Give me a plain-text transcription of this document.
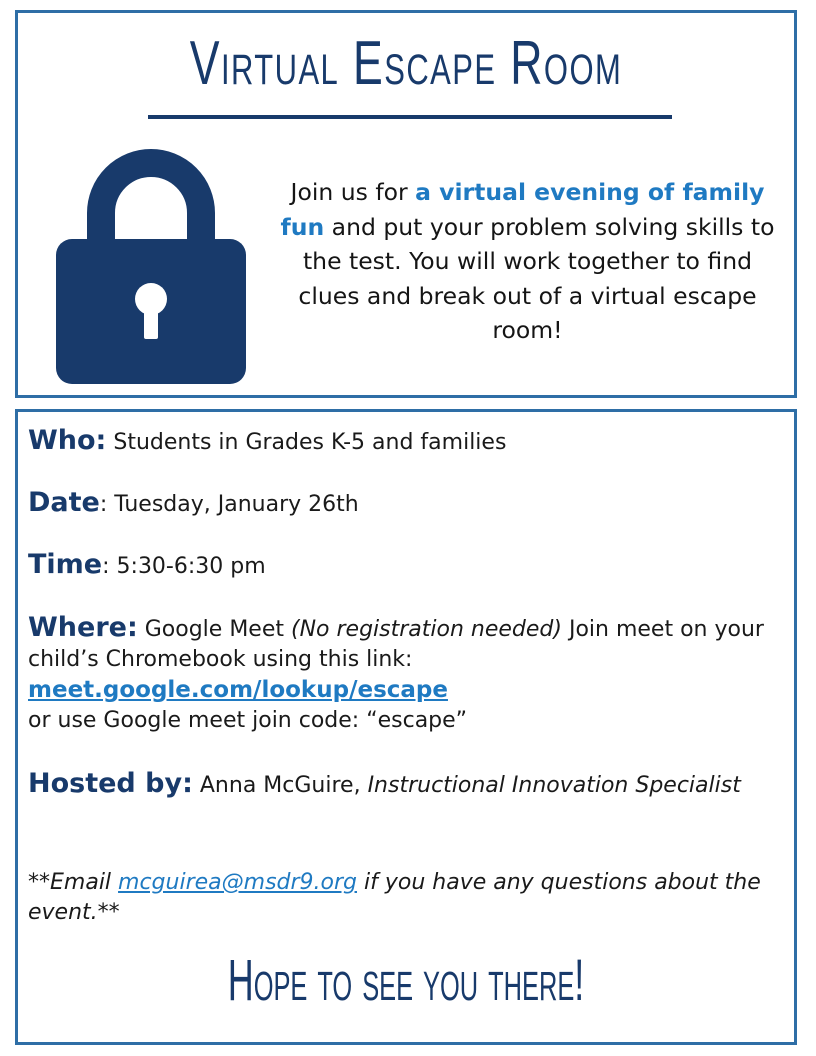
Virtual Escape Room
Join us for a virtual evening of family fun and put your problem solving skills to the test. You will work together to find clues and break out of a virtual escape room!
Who: Students in Grades K-5 and families
Date: Tuesday, January 26th
Time: 5:30-6:30 pm
Where: Google Meet (No registration needed) Join meet on your child’s Chromebook using this link:
meet.google.com/lookup/escape
or use Google meet join code: “escape”
Hosted by: Anna McGuire, Instructional Innovation Specialist
**Email mcguirea@msdr9.org if you have any questions about the event.**
Hope to see you there!
